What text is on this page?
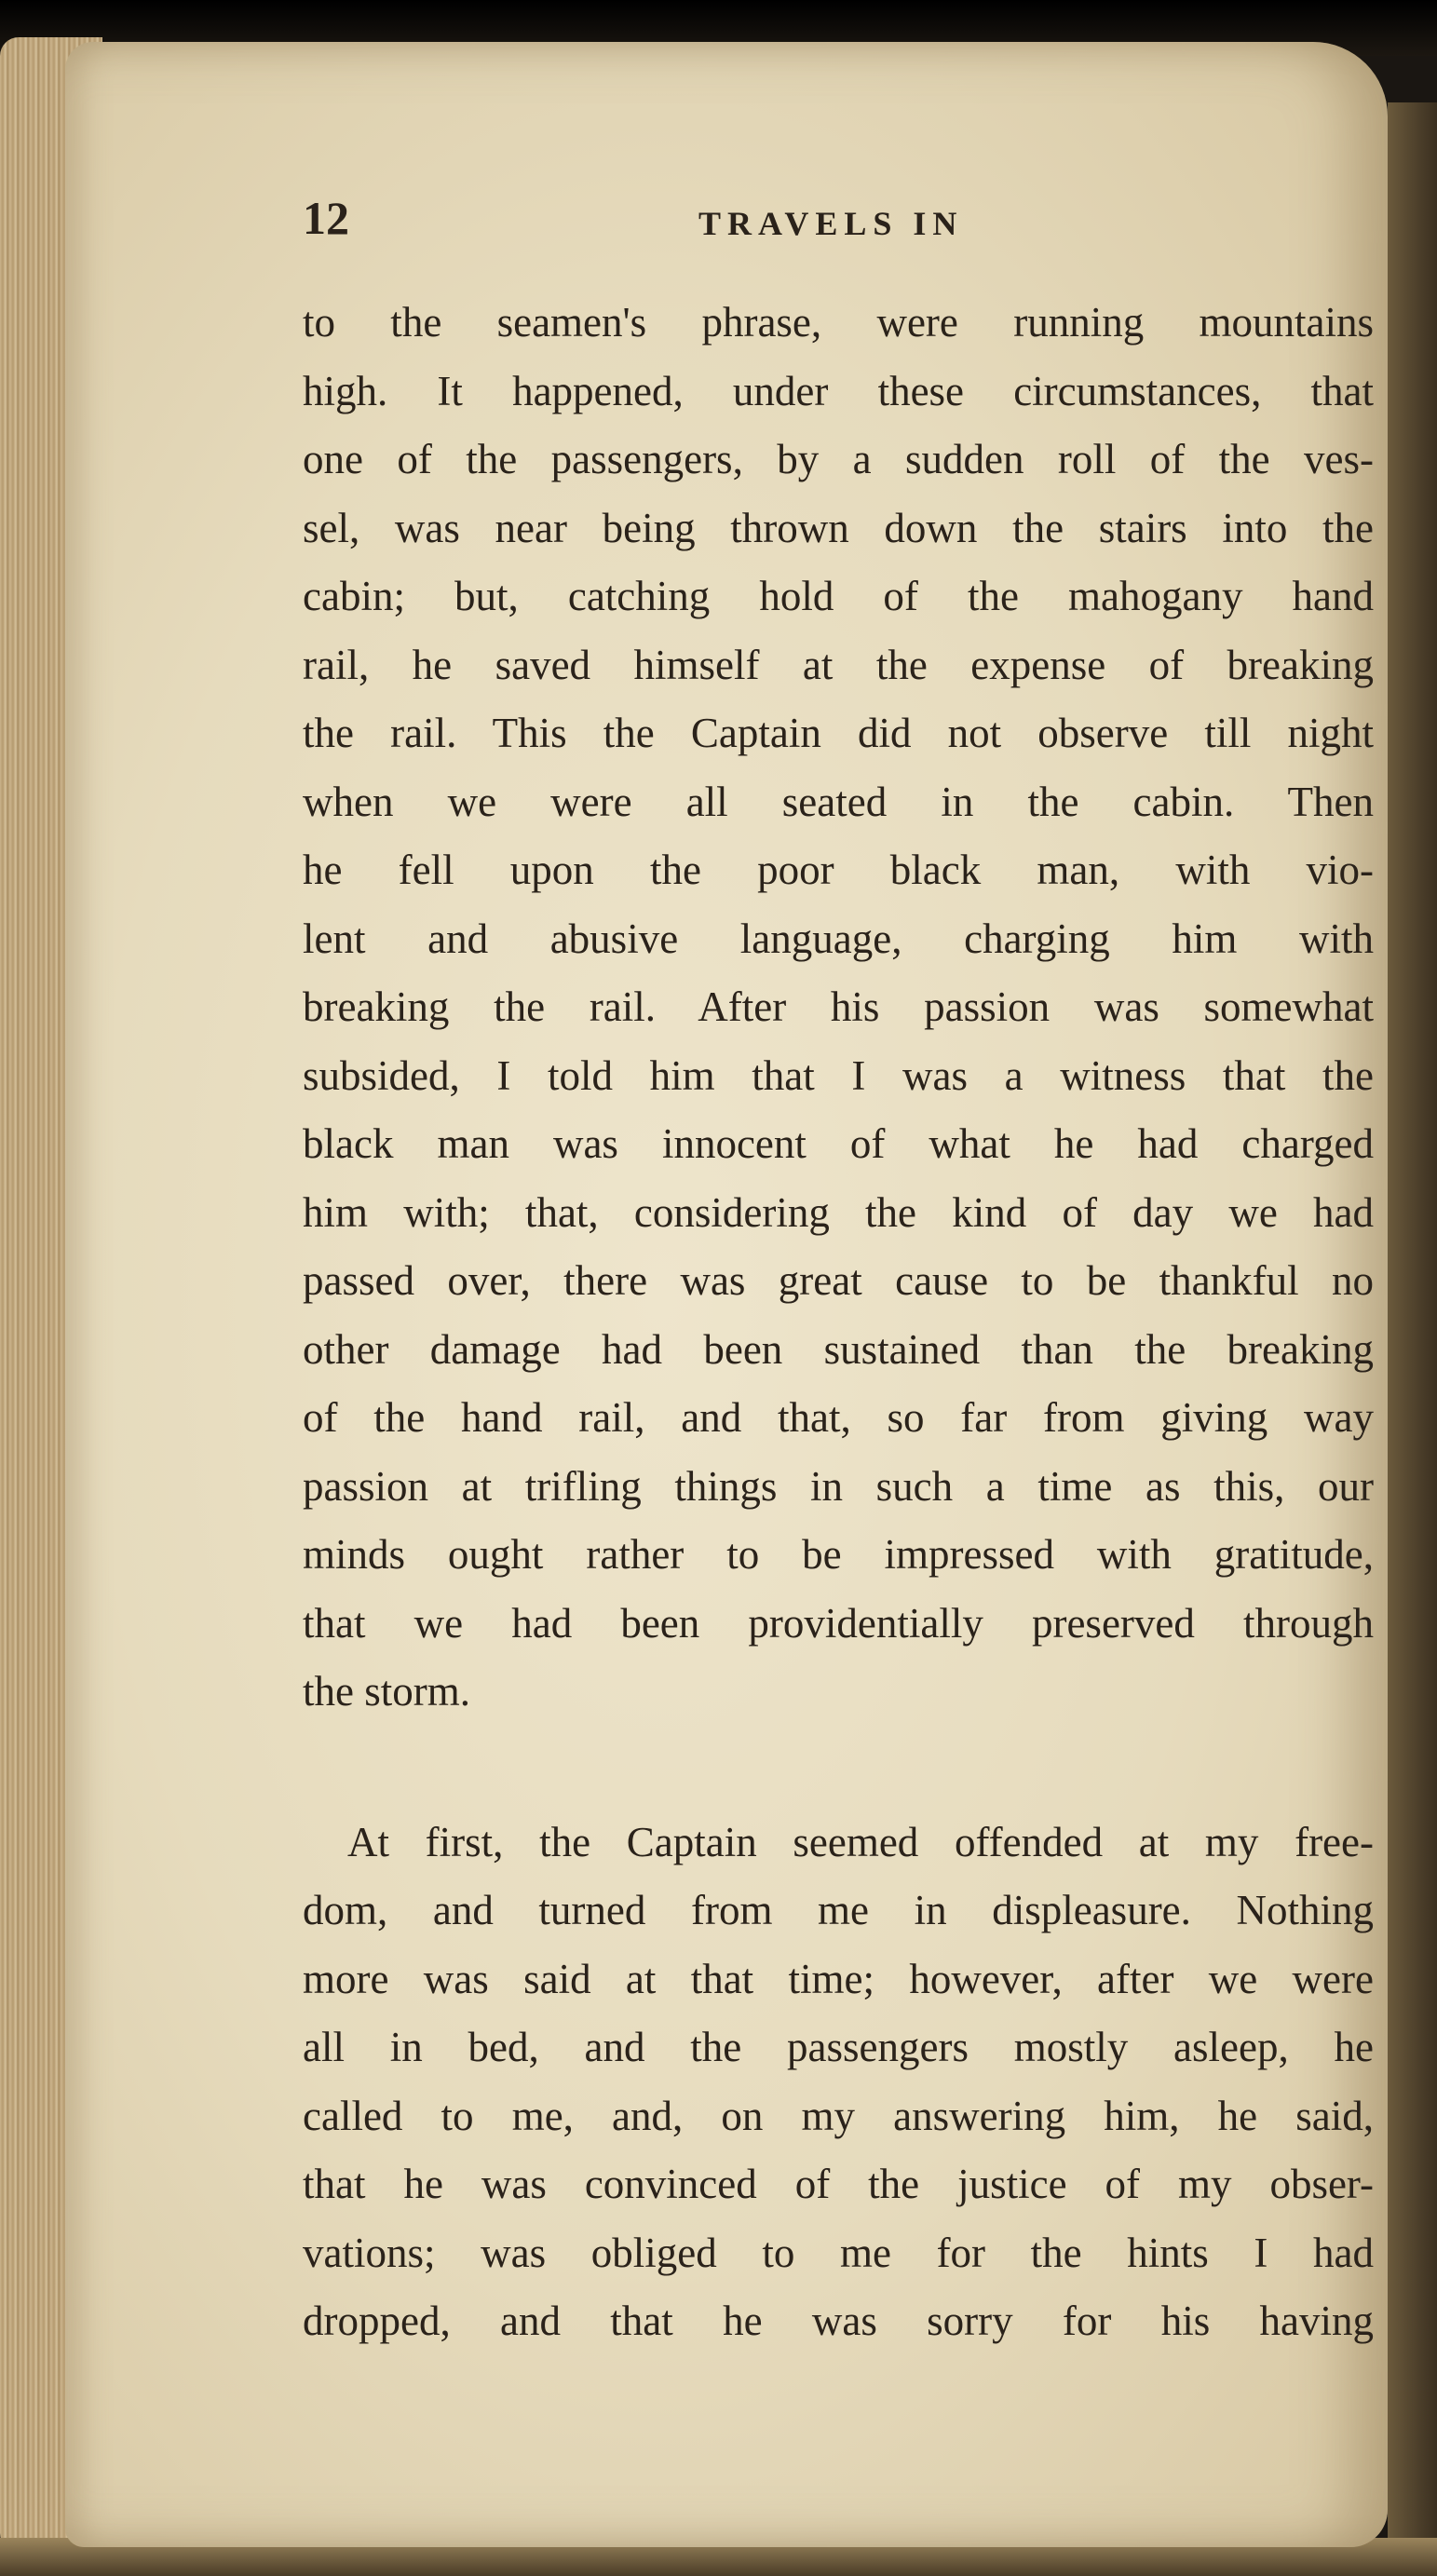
12	TRAVELS IN
to the seamen's phrase, were running mountains
high. It happened, under these circumstances, that
one of the passengers, by a sudden roll of the ves-
sel, was near being thrown down the stairs into the
cabin; but, catching hold of the mahogany hand
rail, he saved himself at the expense of breaking
the rail. This the Captain did not observe till night
when we were all seated in the cabin. Then
he fell upon the poor black man, with vio-
lent and abusive language, charging him with
breaking the rail. After his passion was somewhat
subsided, I told him that I was a witness that the
black man was innocent of what he had charged
him with; that, considering the kind of day we had
passed over, there was great cause to be thankful no
other damage had been sustained than the breaking
of the hand rail, and that, so far from giving way
passion at trifling things in such a time as this, our
minds ought rather to be impressed with gratitude,
that we had been providentially preserved through
the storm.
At first, the Captain seemed offended at my free-
dom, and turned from me in displeasure. Nothing
more was said at that time; however, after we were
all in bed, and the passengers mostly asleep, he
called to me, and, on my answering him, he said,
that he was convinced of the justice of my obser-
vations; was obliged to me for the hints I had
dropped, and that he was sorry for his having
